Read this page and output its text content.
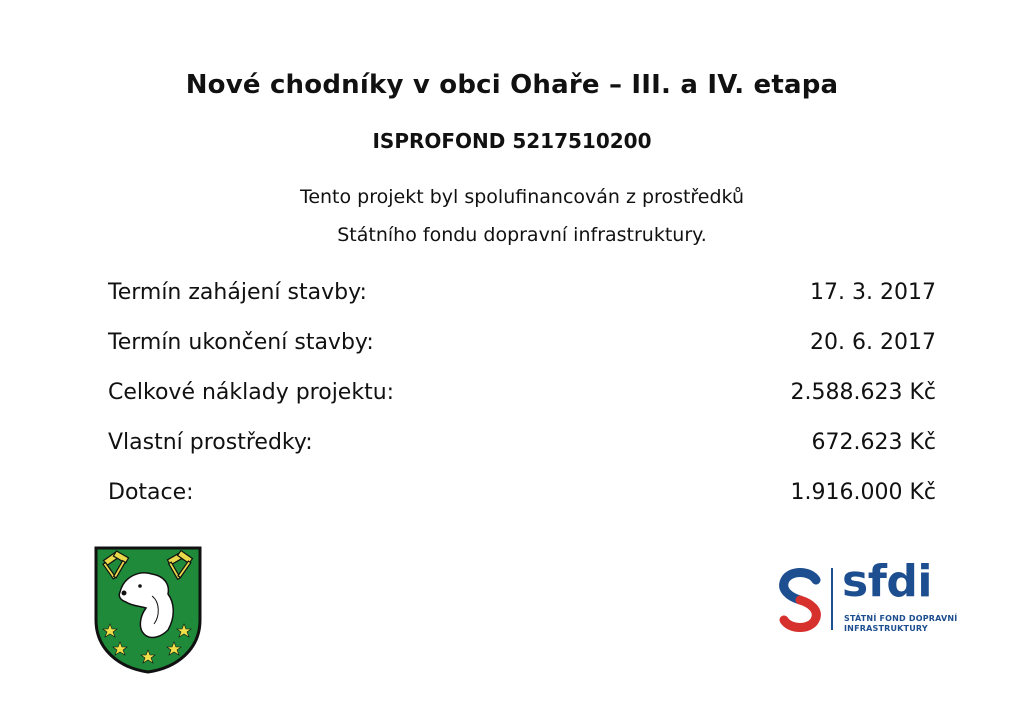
Nové chodníky v obci Ohaře – III. a IV. etapa
ISPROFOND 5217510200
Tento projekt byl spolufinancován z prostředků
Státního fondu dopravní infrastruktury.
Termín zahájení stavby:	17. 3. 2017
Termín ukončení stavby:	20. 6. 2017
Celkové náklady projektu:	2.588.623 Kč
Vlastní prostředky:	672.623 Kč
Dotace:	1.916.000 Kč
sfdi
STÁTNÍ FOND DOPRAVNÍ
INFRASTRUKTURY
